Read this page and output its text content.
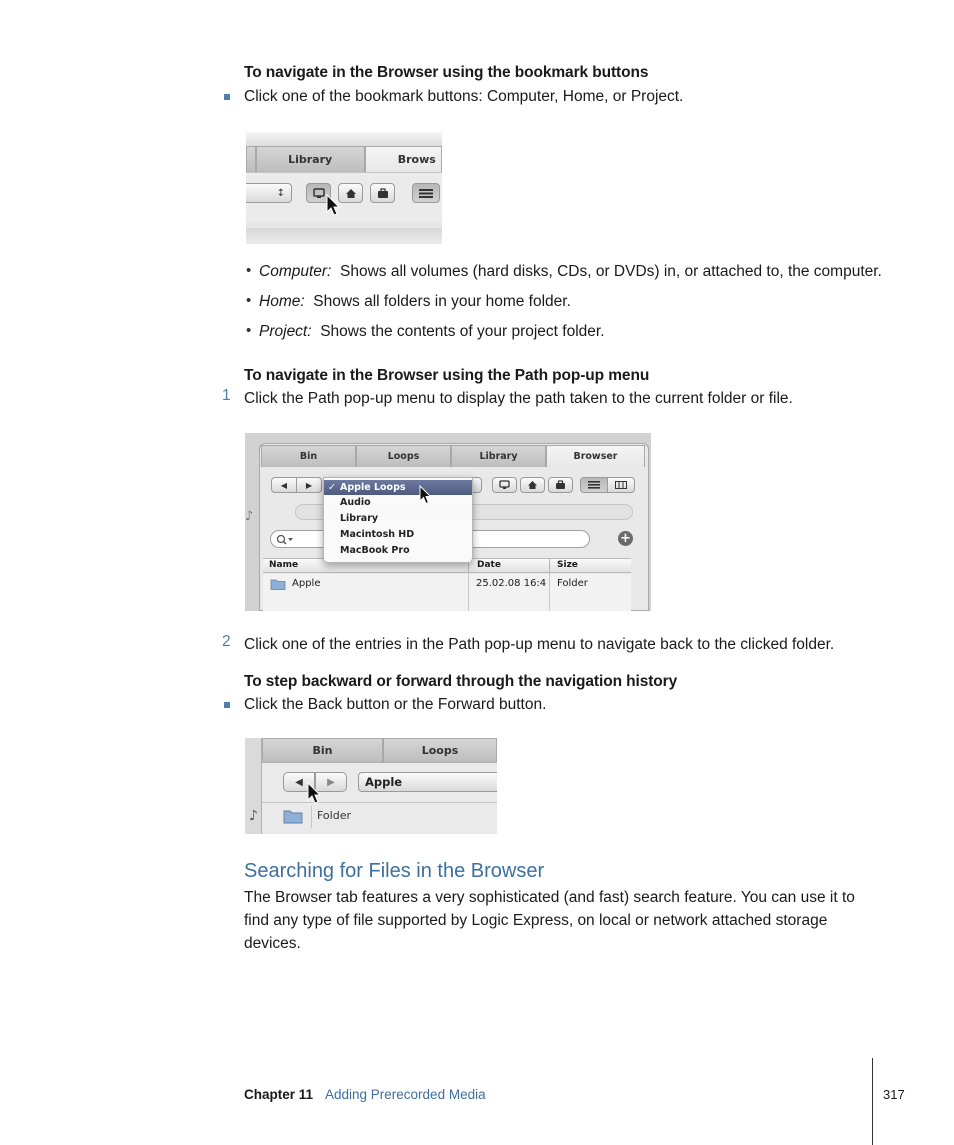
To navigate in the Browser using the bookmark buttons
Click one of the bookmark buttons: Computer, Home, or Project.
Library	Brows
↕
• Computer: Shows all volumes (hard disks, CDs, or DVDs) in, or attached to, the computer.
• Home: Shows all folders in your home folder.
• Project: Shows the contents of your project folder.
To navigate in the Browser using the Path pop-up menu
1 Click the Path pop-up menu to display the path taken to the current folder or file.
Bin	Loops	Library	Browser
♪
◀ ▶
+
Name	Date	Size
Apple	25.02.08 16:4 Folder
✓ Apple Loops
Audio
Library
Macintosh HD
MacBook Pro
2 Click one of the entries in the Path pop-up menu to navigate back to the clicked folder.
To step backward or forward through the navigation history
Click the Back button or the Forward button.
Bin	Loops
◀ ▶	Apple
♪	Folder
Searching for Files in the Browser
The Browser tab features a very sophisticated (and fast) search feature. You can use it to
find any type of file supported by Logic Express, on local or network attached storage
devices.
Chapter 11 Adding Prerecorded Media	317
